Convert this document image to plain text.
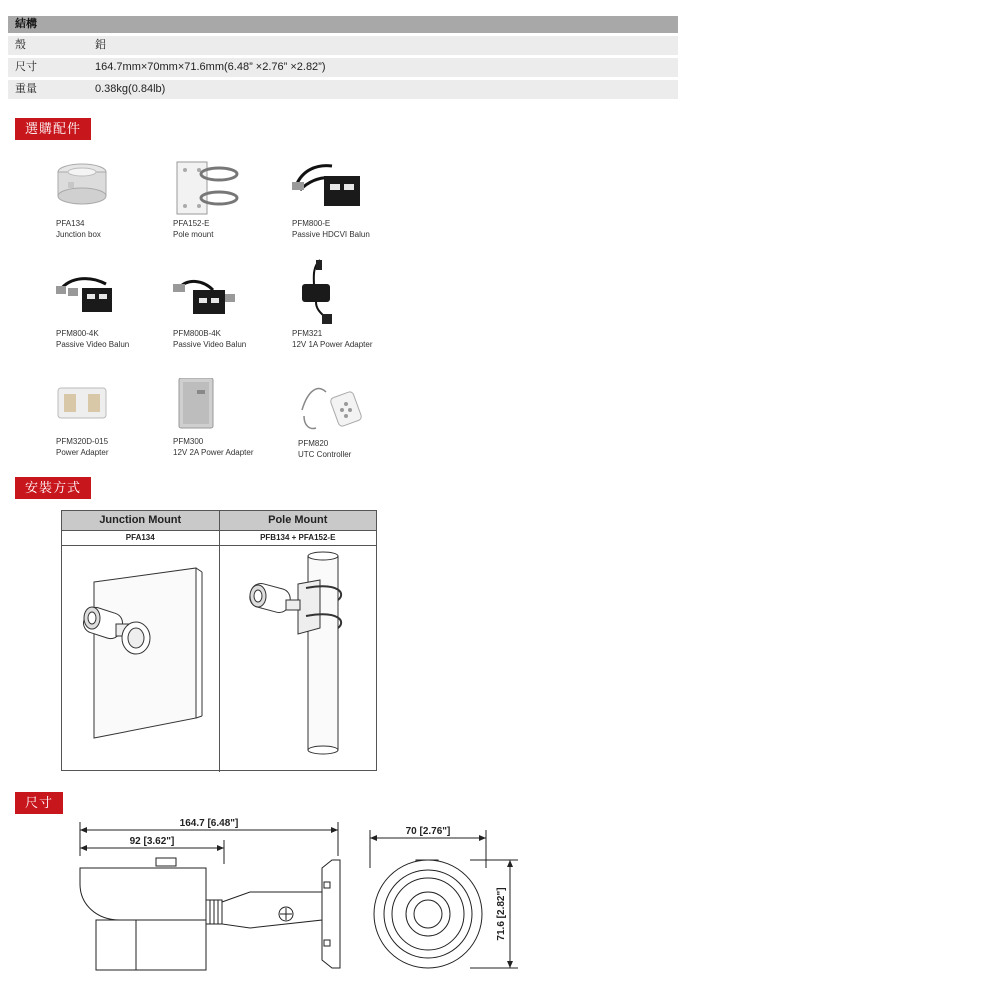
結構
殼	鋁
尺寸	164.7mm×70mm×71.6mm(6.48” ×2.76” ×2.82”)
重量	0.38kg(0.84lb)
選購配件
PFA134
Junction box
PFA152-E
Pole mount
PFM800-E
Passive HDCVI Balun
PFM800-4K
Passive Video Balun
PFM800B-4K
Passive Video Balun
PFM321
12V 1A Power Adapter
PFM320D-015
Power Adapter
PFM300
12V 2A Power Adapter
PFM820
UTC Controller
安裝方式
Junction Mount	Pole Mount
PFA134	PFB134 + PFA152-E
尺寸
164.7 [6.48"]
92 [3.62"]
70 [2.76"]
71.6 [2.82"]
